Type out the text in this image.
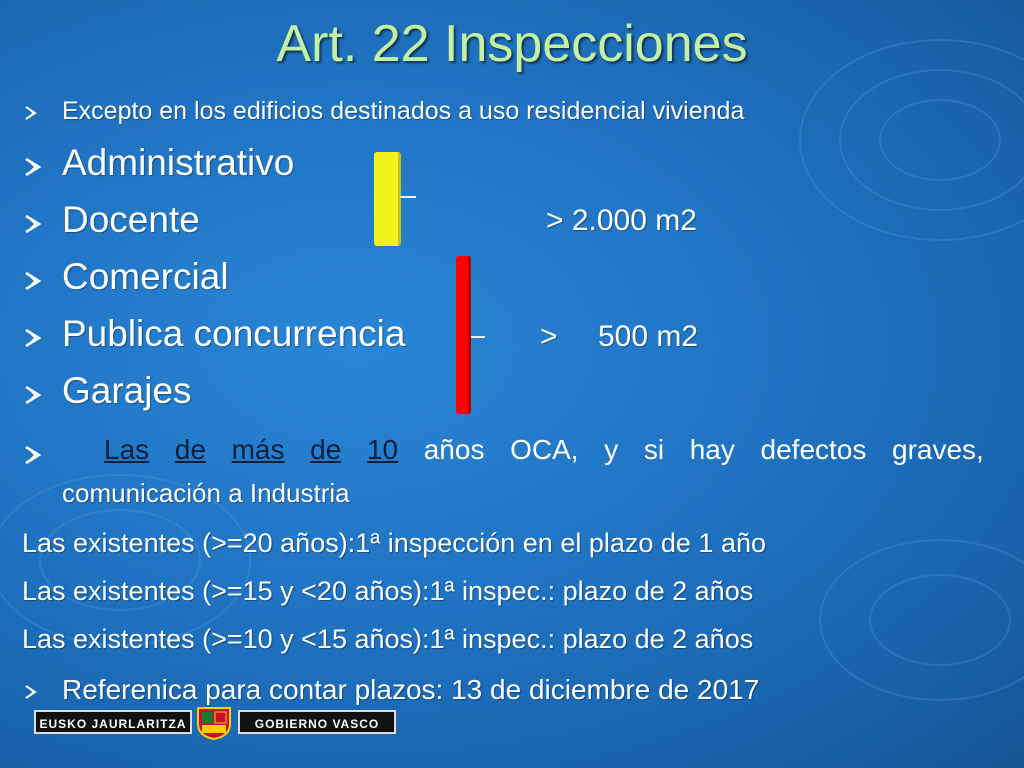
Art. 22 Inspecciones
Excepto en los edificios destinados a uso residencial vivienda
Administrativo
Docente
Comercial
Publica concurrencia
Garajes
> 2.000 m2
> 500 m2
Las de más de 10 años OCA, y si hay defectos graves,
comunicación a Industria
Las existentes (>=20 años):1ª inspección en el plazo de 1 año
Las existentes (>=15 y <20 años):1ª inspec.: plazo de 2 años
Las existentes (>=10 y <15 años):1ª inspec.: plazo de 2 años
Referenica para contar plazos: 13 de diciembre de 2017
EUSKO JAURLARITZA	GOBIERNO VASCO
